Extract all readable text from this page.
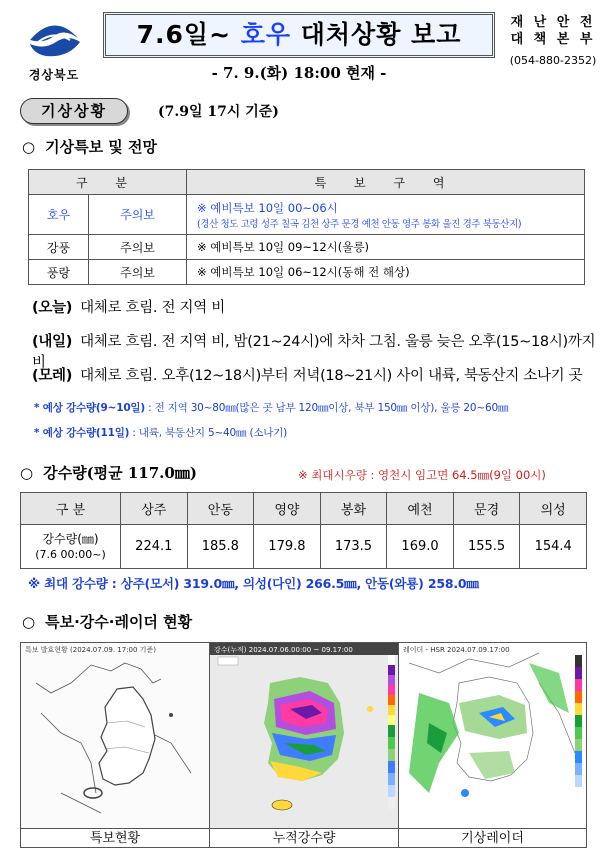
경상북도
7.6일~ 호우 대처상황 보고
- 7. 9.(화) 18:00 현재 -
재 난 안 전
대 책 본 부
(054-880-2352)
기상상황	(7.9일 17시 기준)
○ 기상특보 및 전망
구 분		특 보 구 역
호우	주의보	※ 예비특보 10일 00~06시
(경산 청도 고령 성주 칠곡 김천 상주 문경 예천 안동 영주 봉화 울진 경주 북동산지)

강풍	주의보	※ 예비특보 10일 09~12시(울릉)
풍랑	주의보	※ 예비특보 10일 06~12시(동해 전 해상)
(오늘) 대체로 흐림. 전 지역 비
(내일) 대체로 흐림. 전 지역 비, 밤(21~24시)에 차차 그침. 울릉 늦은 오후(15~18시)까지 비
(모레) 대체로 흐림. 오후(12~18시)부터 저녁(18~21시) 사이 내륙, 북동산지 소나기 곳
* 예상 강수량(9~10일) : 전 지역 30~80㎜(많은 곳 남부 120㎜이상, 북부 150㎜ 이상), 울릉 20~60㎜
* 예상 강수량(11일) : 내륙, 북동산지 5~40㎜ (소나기)
○ 강수량(평균 117.0㎜)	※ 최대시우량 : 영천시 임고면 64.5㎜(9일 00시)
구 분	상주	안동	영양	봉화	예천	문경	의성

강수량(㎜)
(7.6 00:00~)	224.1	185.8	179.8	173.5	169.0	155.5	154.4
※ 최대 강수량 : 상주(모서) 319.0㎜, 의성(다인) 266.5㎜, 안동(와룡) 258.0㎜
○ 특보·강수·레이더 현황
특보 발효현황 (2024.07.09. 17:00 기준)
특보현황
강수(누적) 2024.07.06.00:00 ~ 09.17:00
누적강수량
레이더 - HSR 2024.07.09.17:00
기상레이더
